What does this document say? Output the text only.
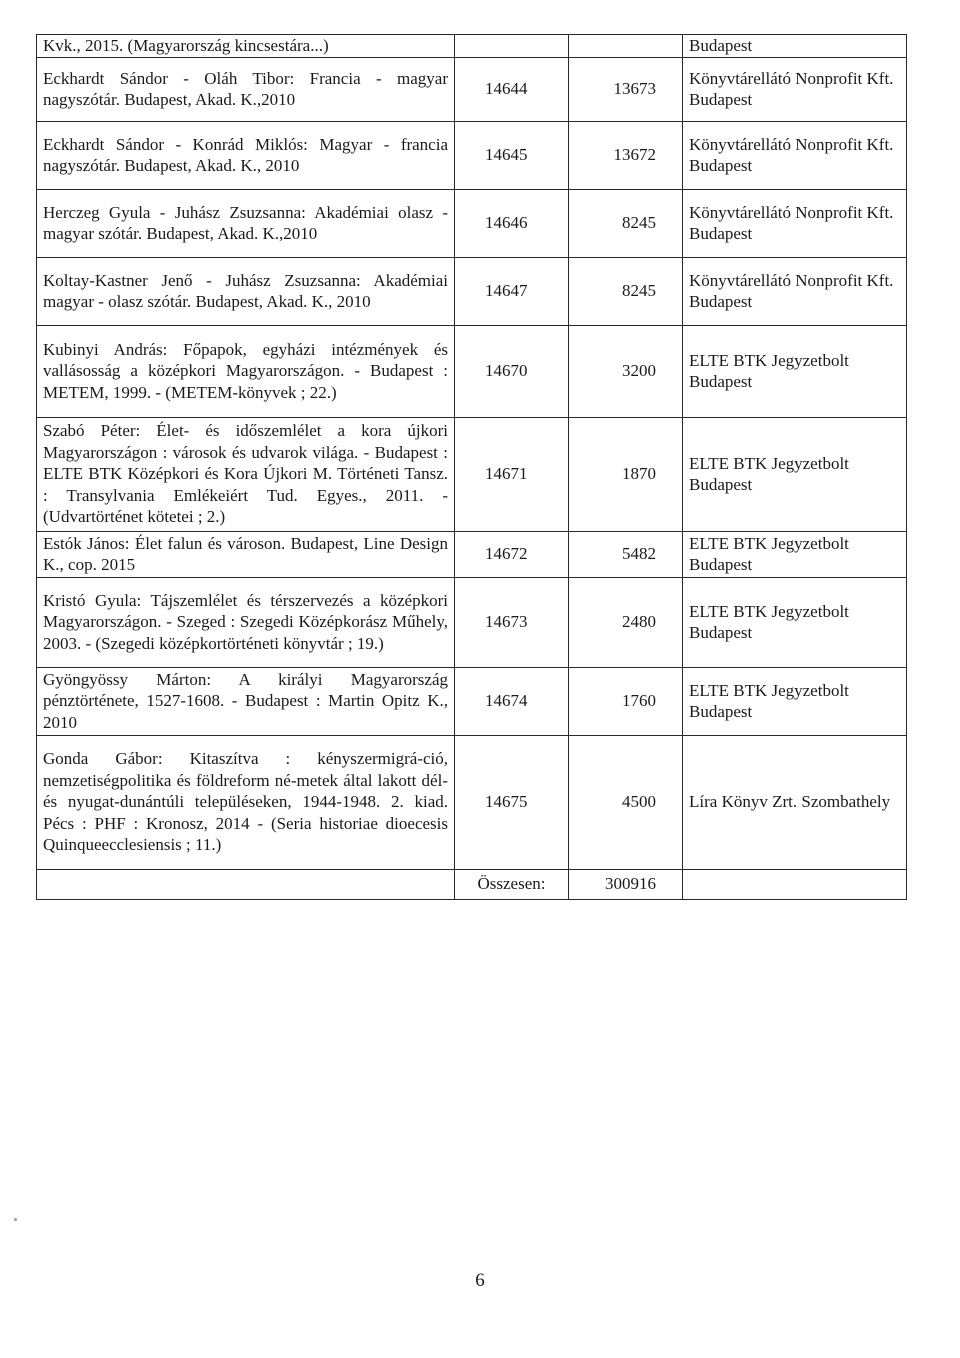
Kvk., 2015. (Magyarország kincsestára...)			Budapest
Eckhardt Sándor - Oláh Tibor: Francia - magyar nagyszótár. Budapest, Akad. K.,2010	14644	13673	Könyvtárellátó Nonprofit Kft. Budapest
Eckhardt Sándor - Konrád Miklós: Magyar - francia nagyszótár. Budapest, Akad. K., 2010	14645	13672	Könyvtárellátó Nonprofit Kft. Budapest
Herczeg Gyula - Juhász Zsuzsanna: Akadémiai olasz - magyar szótár. Budapest, Akad. K.,2010	14646	8245	Könyvtárellátó Nonprofit Kft. Budapest
Koltay-Kastner Jenő - Juhász Zsuzsanna: Akadémiai magyar - olasz szótár. Budapest, Akad. K., 2010	14647	8245	Könyvtárellátó Nonprofit Kft. Budapest
Kubinyi András: Főpapok, egyházi intézmények és vallásosság a középkori Magyarországon. - Budapest : METEM, 1999. - (METEM-könyvek ; 22.)	14670	3200	ELTE BTK Jegyzetbolt Budapest
Szabó Péter: Élet- és időszemlélet a kora újkori Magyarországon : városok és udvarok világa. - Budapest : ELTE BTK Középkori és Kora Újkori M. Történeti Tansz. : Transylvania Emlékeiért Tud. Egyes., 2011. - (Udvartörténet kötetei ; 2.)	14671	1870	ELTE BTK Jegyzetbolt Budapest
Estók János: Élet falun és városon. Budapest, Line Design K., cop. 2015	14672	5482	ELTE BTK Jegyzetbolt Budapest
Kristó Gyula: Tájszemlélet és térszervezés a középkori Magyarországon. - Szeged : Szegedi Középkorász Műhely, 2003. - (Szegedi középkortörténeti könyvtár ; 19.)	14673	2480	ELTE BTK Jegyzetbolt Budapest
Gyöngyössy Márton: A királyi Magyarország pénztörténete, 1527-1608. - Budapest : Martin Opitz K., 2010	14674	1760	ELTE BTK Jegyzetbolt Budapest
Gonda Gábor: Kitaszítva : kényszermigrá-ció, nemzetiségpolitika és földreform né-metek által lakott dél- és nyugat-dunántúli településeken, 1944-1948. 2. kiad. Pécs : PHF : Kronosz, 2014 - (Seria historiae dioecesis Quinqueecclesiensis ; 11.)	14675	4500	Líra Könyv Zrt. Szombathely
	Összesen:	300916	
6
